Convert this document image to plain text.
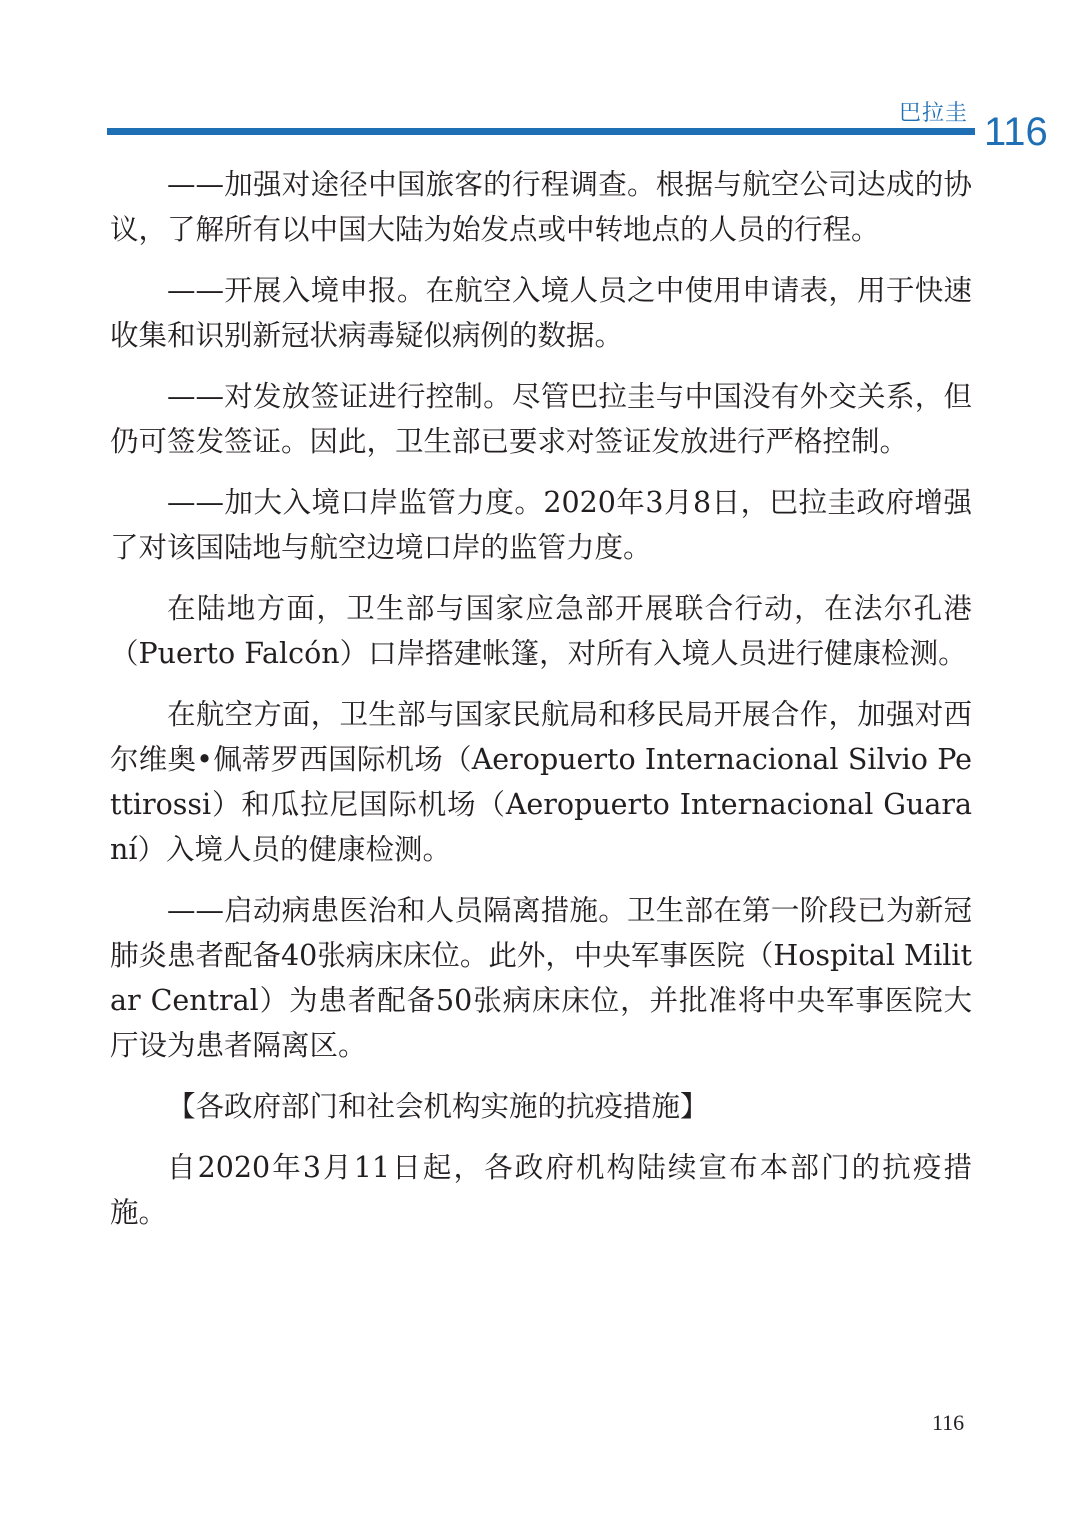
巴拉圭 116

——加强对途径中国旅客的行程调查。根据与航空公司达成的协议，了解所有以中国大陆为始发点或中转地点的人员的行程。

——开展入境申报。在航空入境人员之中使用申请表，用于快速收集和识别新冠状病毒疑似病例的数据。

——对发放签证进行控制。尽管巴拉圭与中国没有外交关系，但仍可签发签证。因此，卫生部已要求对签证发放进行严格控制。

——加大入境口岸监管力度。2020年3月8日，巴拉圭政府增强了对该国陆地与航空边境口岸的监管力度。

在陆地方面，卫生部与国家应急部开展联合行动，在法尔孔港（Puerto Falcón）口岸搭建帐篷，对所有入境人员进行健康检测。

在航空方面，卫生部与国家民航局和移民局开展合作，加强对西尔维奥•佩蒂罗西国际机场（Aeropuerto Internacional Silvio Pettirossi）和瓜拉尼国际机场（Aeropuerto Internacional Guaraní）入境人员的健康检测。

——启动病患医治和人员隔离措施。卫生部在第一阶段已为新冠肺炎患者配备40张病床床位。此外，中央军事医院（Hospital Militar Central）为患者配备50张病床床位，并批准将中央军事医院大厅设为患者隔离区。

【各政府部门和社会机构实施的抗疫措施】

自2020年3月11日起，各政府机构陆续宣布本部门的抗疫措施。

116
